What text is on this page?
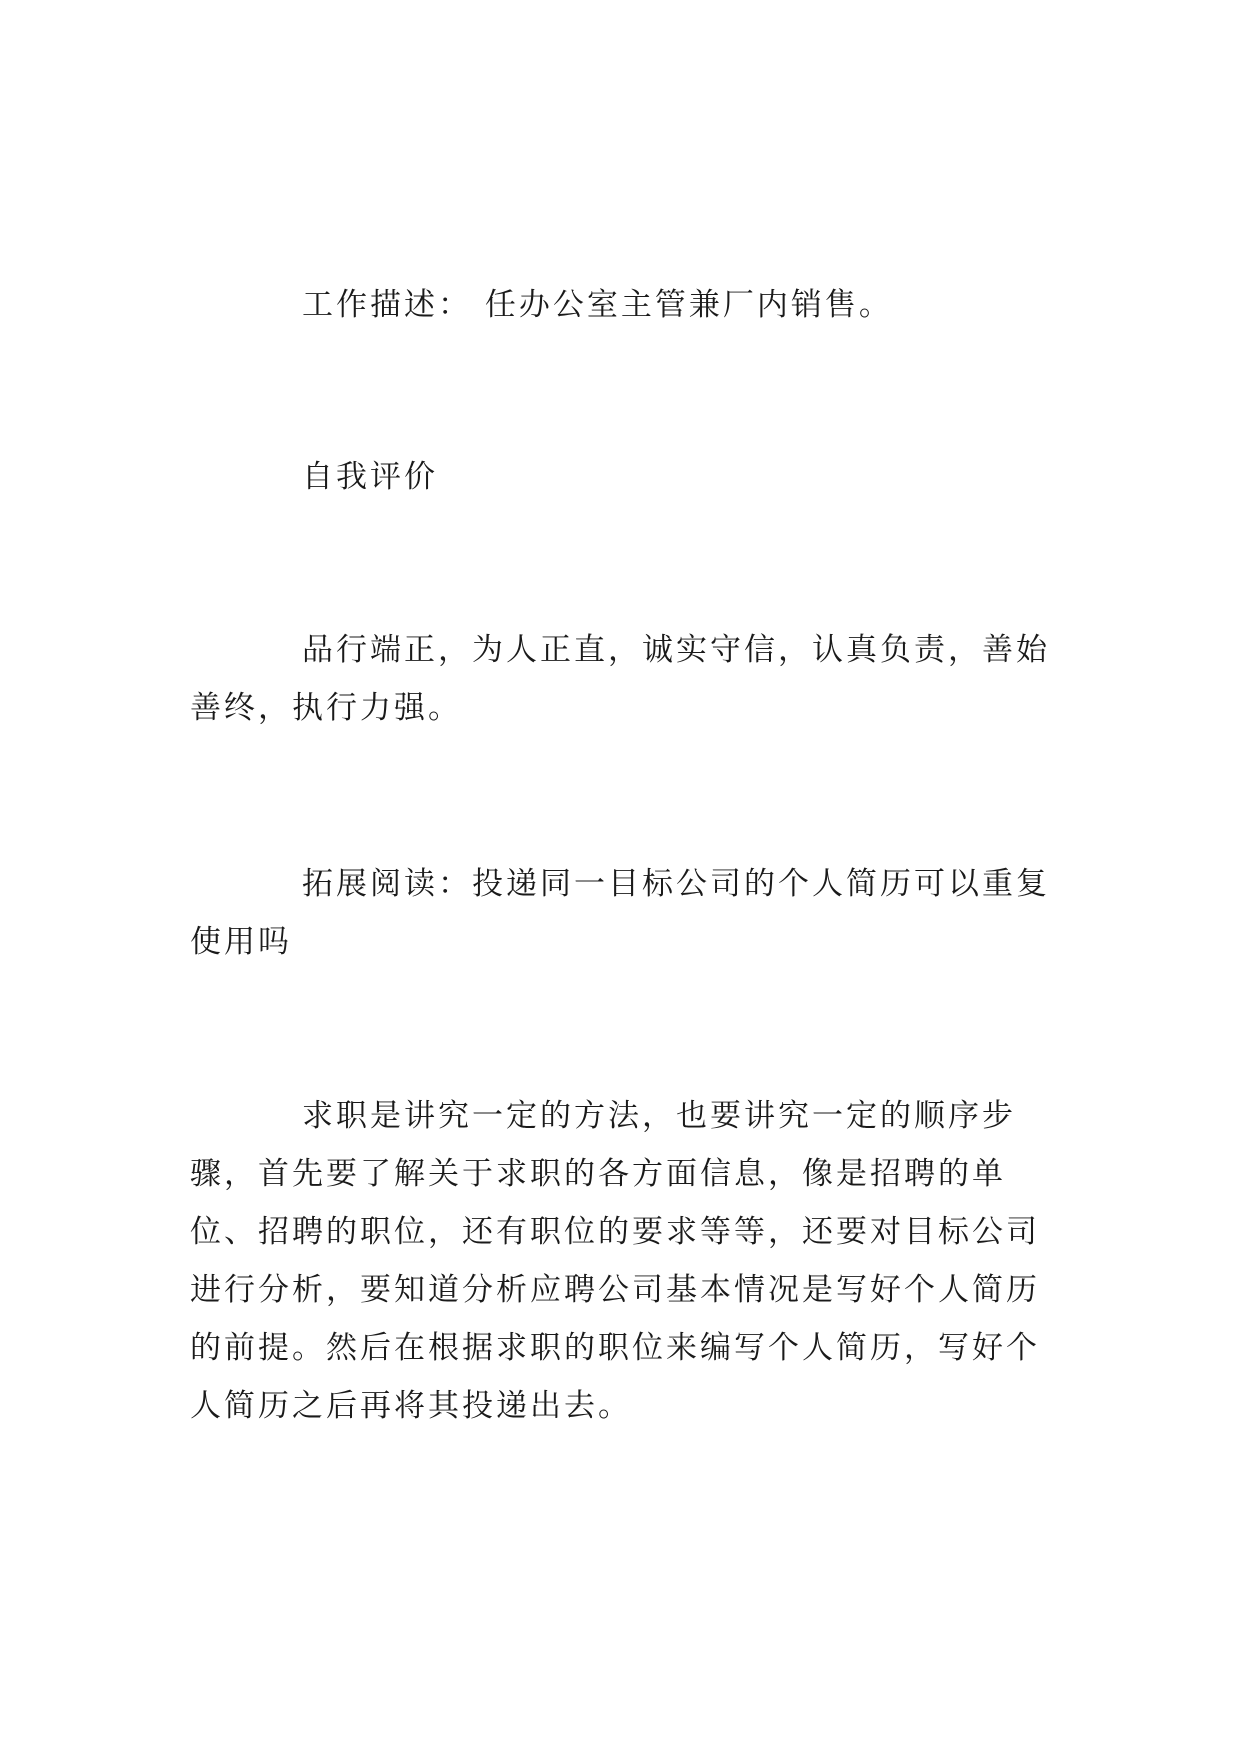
工作描述： 任办公室主管兼厂内销售。

自我评价

品行端正，为人正直，诚实守信，认真负责，善始善终，执行力强。

拓展阅读：投递同一目标公司的个人简历可以重复使用吗

求职是讲究一定的方法，也要讲究一定的顺序步骤，首先要了解关于求职的各方面信息，像是招聘的单位、招聘的职位，还有职位的要求等等，还要对目标公司进行分析，要知道分析应聘公司基本情况是写好个人简历的前提。然后在根据求职的职位来编写个人简历，写好个人简历之后再将其投递出去。
